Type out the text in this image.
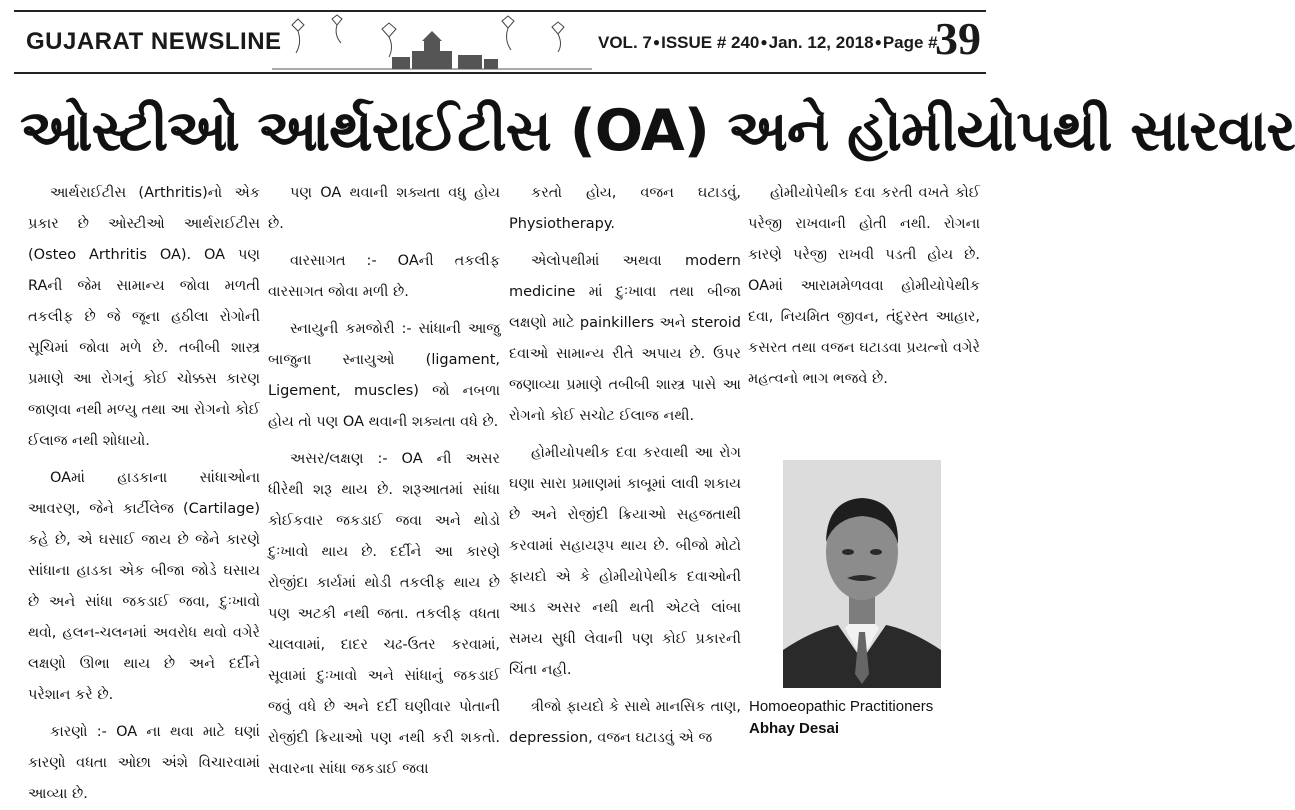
GUJARAT NEWSLINE	VOL. 7●ISSUE # 240●Jan. 12, 2018●Page #
39
ઓસ્ટીઓ આર્થરાઈટીસ (OA) અને હોમીયોપથી સારવાર

આર્થરાઈટીસ (Arthritis)નો એક પ્રકાર છે ઓસ્ટીઓ આર્થરાઈટીસ (Osteo Arthritis OA). OA પણ RAની જેમ સામાન્ય જોવા મળતી તકલીફ છે જે જૂના હઠીલા રોગોની સૂચિમાં જોવા મળે છે. તબીબી શાસ્ત્ર પ્રમાણે આ રોગનું કોઈ ચોક્કસ કારણ જાણવા નથી મળ્યુ તથા આ રોગનો કોઈ ઈલાજ નથી શોધાયો.

OAમાં હાડકાના સાંધાઓના આવરણ, જેને કાર્ટીલેજ (Cartilage) કહે છે, એ ઘસાઈ જાય છે જેને કારણે સાંધાના હાડકા એક બીજા જોડે ઘસાય છે અને સાંધા જકડાઈ જવા, દુઃખાવો થવો, હલન-ચલનમાં અવરોધ થવો વગેરે લક્ષણો ઊભા થાય છે અને દર્દીને પરેશાન કરે છે.

કારણો :- OA ના થવા માટે ઘણાં કારણો વધતા ઓછા અંશે વિચારવામાં આવ્યા છે.

પણ OA થવાની શક્યતા વધુ હોય છે.

વારસાગત :- OAની તકલીફ વારસાગત જોવા મળી છે.

સ્નાયુની કમજોરી :- સાંધાની આજુ બાજુના સ્નાયુઓ (ligament, Ligement, muscles) જો નબળા હોય તો પણ OA થવાની શક્યતા વધે છે.

અસર/લક્ષણ :- OA ની અસર ધીરેથી શરૂ થાય છે. શરૂઆતમાં સાંધા કોઈકવાર જકડાઈ જવા અને થોડો દુઃખાવો થાય છે. દર્દીને આ કારણે રોજીંદા કાર્યમાં થોડી તકલીફ થાય છે પણ અટકી નથી જતા. તકલીફ વધતા ચાલવામાં, દાદર ચઢ-ઉતર કરવામાં, સૂવામાં દુઃખાવો અને સાંધાનું જકડાઈ જવું વધે છે અને દર્દી ઘણીવાર પોતાની રોજીંદી ક્રિયાઓ પણ નથી કરી શકતો. સવારના સાંધા જકડાઈ જવા

કરતો હોય, વજન ઘટાડવું, Physiotherapy.

એલોપથીમાં અથવા modern medicine માં દુઃખાવા તથા બીજા લક્ષણો માટે painkillers અને steroid દવાઓ સામાન્ય રીતે અપાય છે. ઉપર જણાવ્યા પ્રમાણે તબીબી શાસ્ત્ર પાસે આ રોગનો કોઈ સચોટ ઈલાજ નથી.

હોમીયોપથીક દવા કરવાથી આ રોગ ઘણા સારા પ્રમાણમાં કાબૂમાં લાવી શકાય છે અને રોજીંદી ક્રિયાઓ સહજતાથી કરવામાં સહાયરૂપ થાય છે. બીજો મોટો ફાયદો એ કે હોમીયોપેથીક દવાઓની આડ અસર નથી થતી એટલે લાંબા સમય સુધી લેવાની પણ કોઈ પ્રકારની ચિંતા નહી.

ત્રીજો ફાયદો કે સાથે માનસિક તાણ, depression, વજન ઘટાડવું એ જ

હોમીયોપેથીક દવા કરતી વખતે કોઈ પરેજી રાખવાની હોતી નથી. રોગના કારણે પરેજી રાખવી પડતી હોય છે. OAમાં આરામમેળવવા હોમીયોપેથીક દવા, નિયમિત જીવન, તંદુરસ્ત આહાર, કસરત તથા વજન ઘટાડવા પ્રયત્નો વગેરે મહત્વનો ભાગ ભજવે છે.

Homoeopathic Practitioners
Abhay Desai
